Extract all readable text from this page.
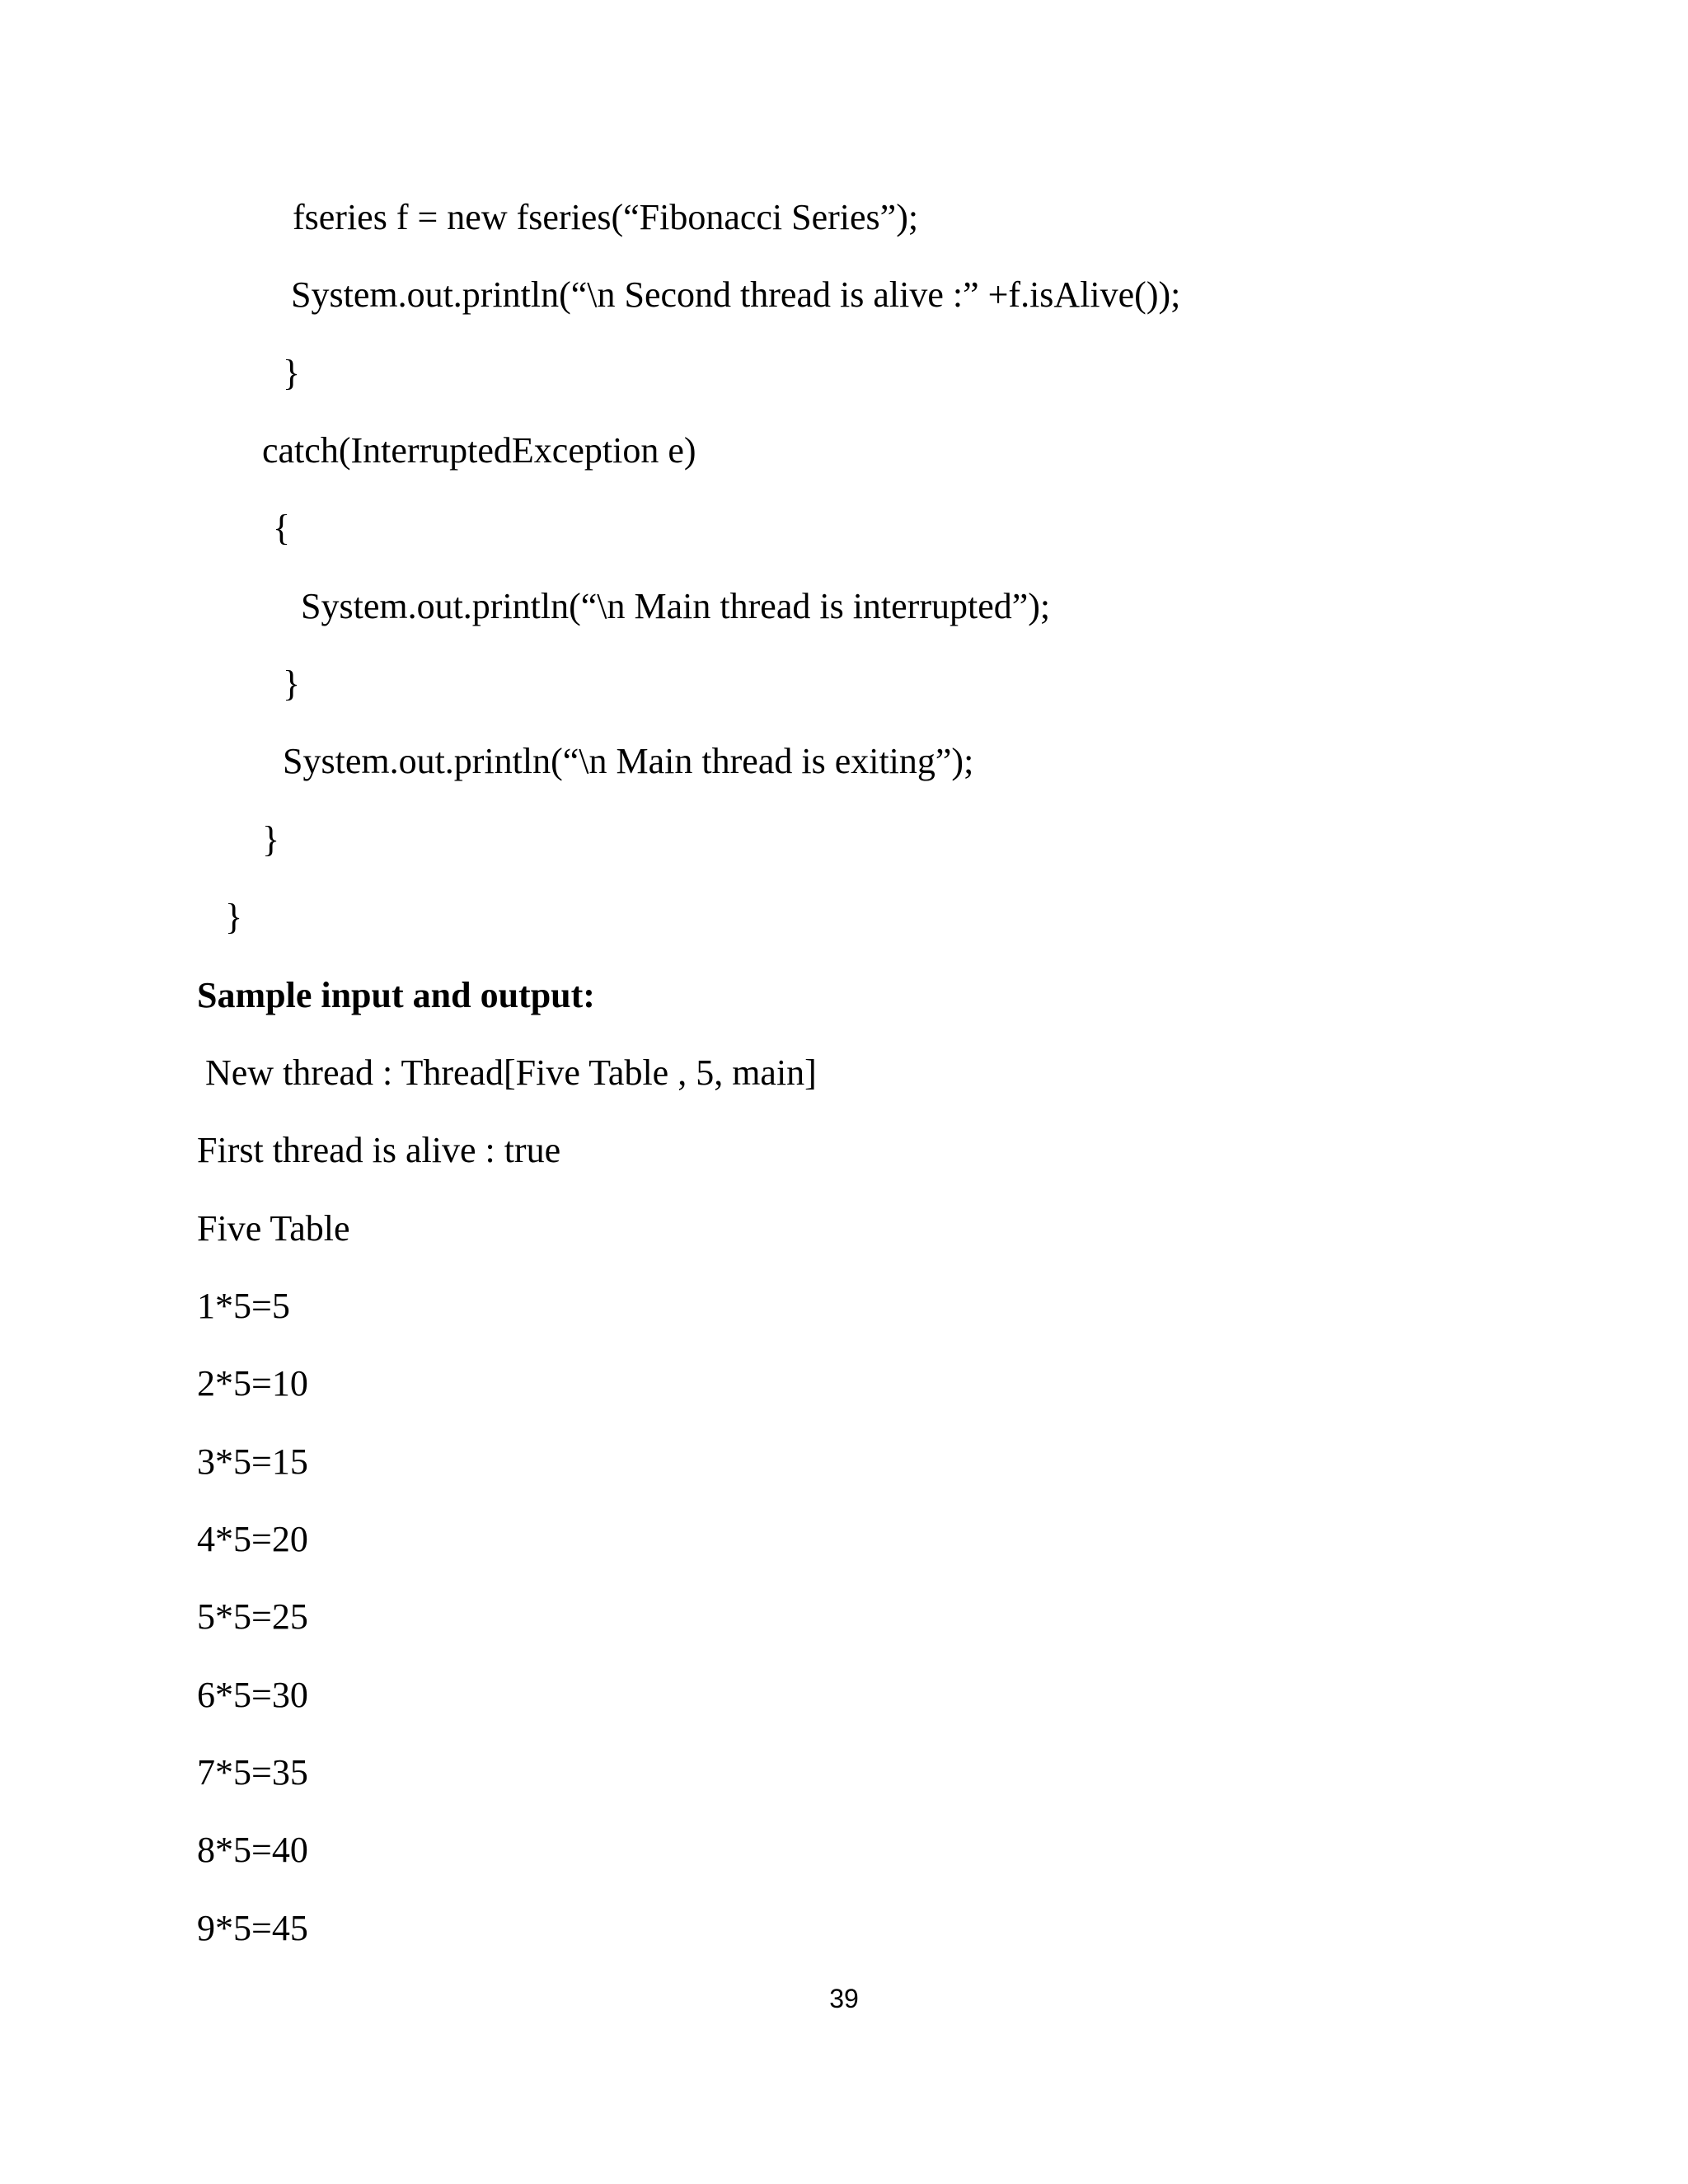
fseries f = new fseries(“Fibonacci Series”);
System.out.println(“\n Second thread is alive :” +f.isAlive());
}
catch(InterruptedException e)
{
System.out.println(“\n Main thread is interrupted”);
}
System.out.println(“\n Main thread is exiting”);
}
}
Sample input and output:
New thread : Thread[Five Table , 5, main]
First thread is alive : true
Five Table
1*5=5
2*5=10
3*5=15
4*5=20
5*5=25
6*5=30
7*5=35
8*5=40
9*5=45
39
